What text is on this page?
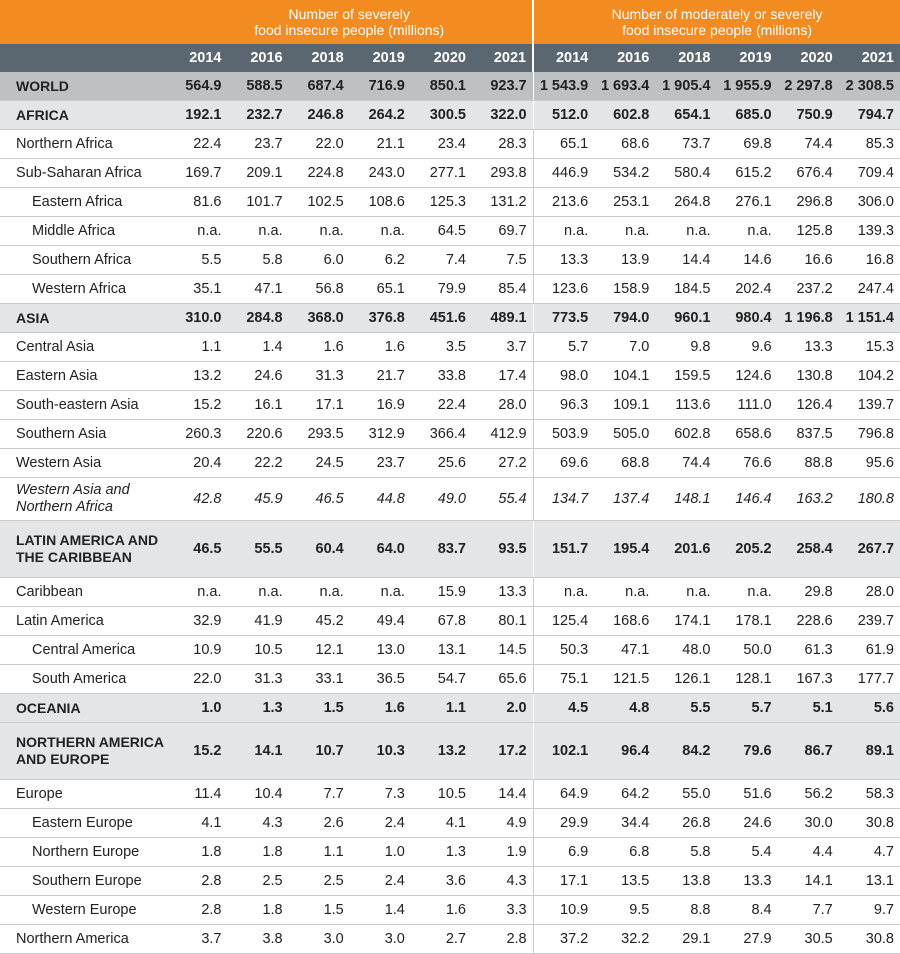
	Number of severely
food insecure people (millions)						Number of moderately or severely
food insecure people (millions)					
	2014	2016	2018	2019	2020	2021	2014	2016	2018	2019	2020	2021
WORLD	564.9	588.5	687.4	716.9	850.1	923.7	1 543.9	1 693.4	1 905.4	1 955.9	2 297.8	2 308.5
AFRICA	192.1	232.7	246.8	264.2	300.5	322.0	512.0	602.8	654.1	685.0	750.9	794.7
Northern Africa	22.4	23.7	22.0	21.1	23.4	28.3	65.1	68.6	73.7	69.8	74.4	85.3
Sub-Saharan Africa	169.7	209.1	224.8	243.0	277.1	293.8	446.9	534.2	580.4	615.2	676.4	709.4
Eastern Africa	81.6	101.7	102.5	108.6	125.3	131.2	213.6	253.1	264.8	276.1	296.8	306.0
Middle Africa	n.a.	n.a.	n.a.	n.a.	64.5	69.7	n.a.	n.a.	n.a.	n.a.	125.8	139.3
Southern Africa	5.5	5.8	6.0	6.2	7.4	7.5	13.3	13.9	14.4	14.6	16.6	16.8
Western Africa	35.1	47.1	56.8	65.1	79.9	85.4	123.6	158.9	184.5	202.4	237.2	247.4
ASIA	310.0	284.8	368.0	376.8	451.6	489.1	773.5	794.0	960.1	980.4	1 196.8	1 151.4
Central Asia	1.1	1.4	1.6	1.6	3.5	3.7	5.7	7.0	9.8	9.6	13.3	15.3
Eastern Asia	13.2	24.6	31.3	21.7	33.8	17.4	98.0	104.1	159.5	124.6	130.8	104.2
South-eastern Asia	15.2	16.1	17.1	16.9	22.4	28.0	96.3	109.1	113.6	111.0	126.4	139.7
Southern Asia	260.3	220.6	293.5	312.9	366.4	412.9	503.9	505.0	602.8	658.6	837.5	796.8
Western Asia	20.4	22.2	24.5	23.7	25.6	27.2	69.6	68.8	74.4	76.6	88.8	95.6
Western Asia and Northern Africa	42.8	45.9	46.5	44.8	49.0	55.4	134.7	137.4	148.1	146.4	163.2	180.8
LATIN AMERICA AND THE CARIBBEAN	46.5	55.5	60.4	64.0	83.7	93.5	151.7	195.4	201.6	205.2	258.4	267.7
Caribbean	n.a.	n.a.	n.a.	n.a.	15.9	13.3	n.a.	n.a.	n.a.	n.a.	29.8	28.0
Latin America	32.9	41.9	45.2	49.4	67.8	80.1	125.4	168.6	174.1	178.1	228.6	239.7
Central America	10.9	10.5	12.1	13.0	13.1	14.5	50.3	47.1	48.0	50.0	61.3	61.9
South America	22.0	31.3	33.1	36.5	54.7	65.6	75.1	121.5	126.1	128.1	167.3	177.7
OCEANIA	1.0	1.3	1.5	1.6	1.1	2.0	4.5	4.8	5.5	5.7	5.1	5.6
NORTHERN AMERICA AND EUROPE	15.2	14.1	10.7	10.3	13.2	17.2	102.1	96.4	84.2	79.6	86.7	89.1
Europe	11.4	10.4	7.7	7.3	10.5	14.4	64.9	64.2	55.0	51.6	56.2	58.3
Eastern Europe	4.1	4.3	2.6	2.4	4.1	4.9	29.9	34.4	26.8	24.6	30.0	30.8
Northern Europe	1.8	1.8	1.1	1.0	1.3	1.9	6.9	6.8	5.8	5.4	4.4	4.7
Southern Europe	2.8	2.5	2.5	2.4	3.6	4.3	17.1	13.5	13.8	13.3	14.1	13.1
Western Europe	2.8	1.8	1.5	1.4	1.6	3.3	10.9	9.5	8.8	8.4	7.7	9.7
Northern America	3.7	3.8	3.0	3.0	2.7	2.8	37.2	32.2	29.1	27.9	30.5	30.8
